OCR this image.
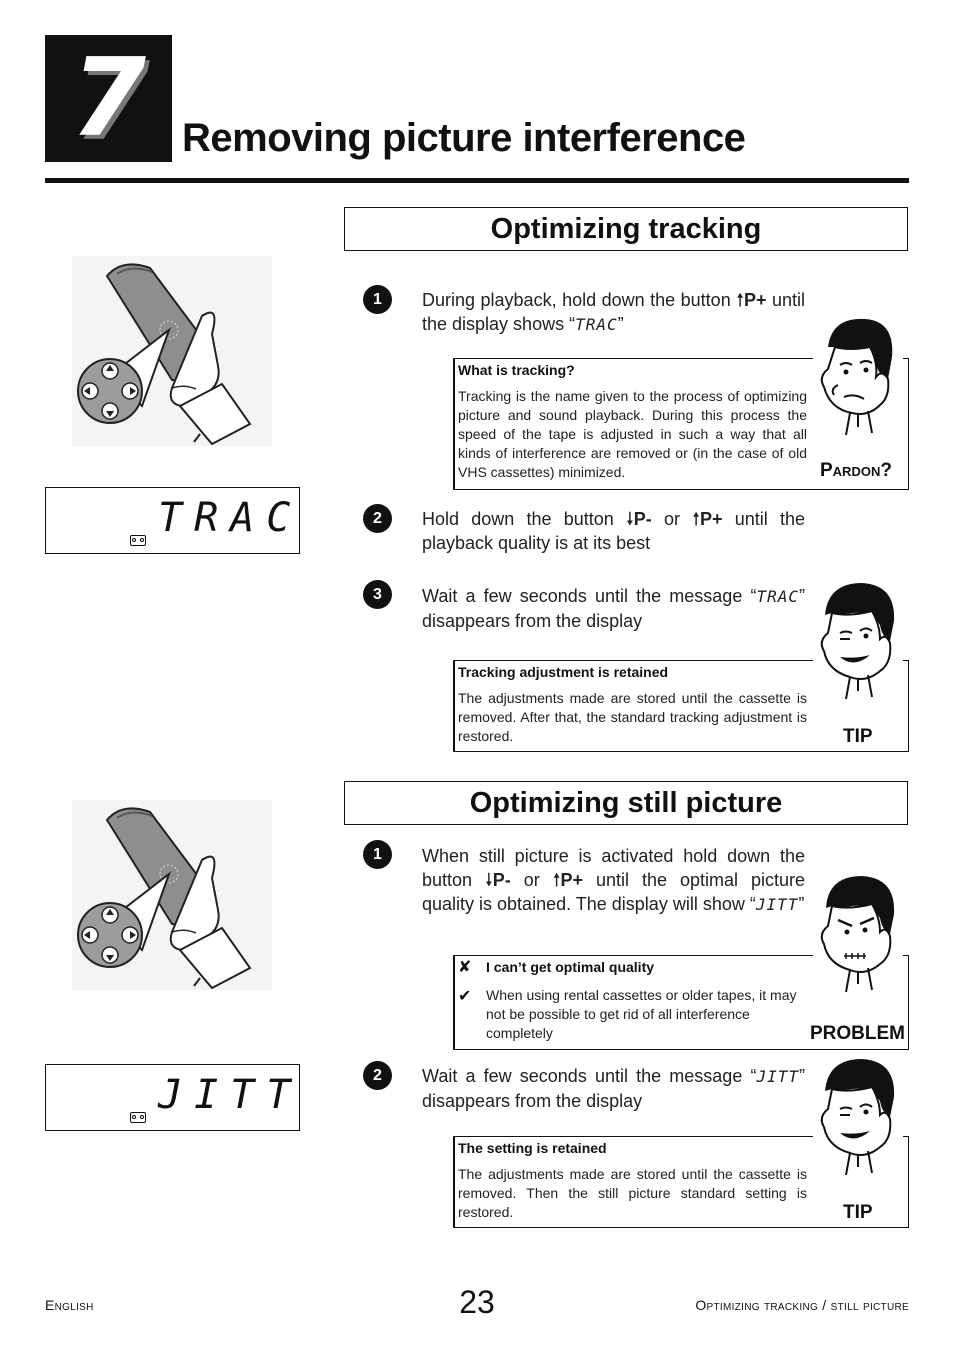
7 Removing picture interference
Optimizing tracking
TRAC
1	During playback, hold down the button 🠕P+ until the display shows “TRAC”
What is tracking?
Tracking is the name given to the process of optimizing picture and sound playback. During this process the speed of the tape is adjusted in such a way that all kinds of interference are removed or (in the case of old VHS cassettes) minimized.	Pardon?
2	Hold down the button 🠗P- or 🠕P+ until the playback quality is at its best
3	Wait a few seconds until the message “TRAC” disappears from the display
Tracking adjustment is retained
The adjustments made are stored until the cassette is removed. After that, the standard tracking adjustment is restored.	TIP
Optimizing still picture
JITT
1	When still picture is activated hold down the button 🠗P- or 🠕P+ until the optimal picture quality is obtained. The display will show “JITT”
✘ I can’t get optimal quality
✔ When using rental cassettes or older tapes, it may not be possible to get rid of all interference completely	PROBLEM
2	Wait a few seconds until the message “JITT” disappears from the display
The setting is retained
The adjustments made are stored until the cassette is removed. Then the still picture standard setting is restored.	TIP
English	23	Optimizing tracking / still picture
